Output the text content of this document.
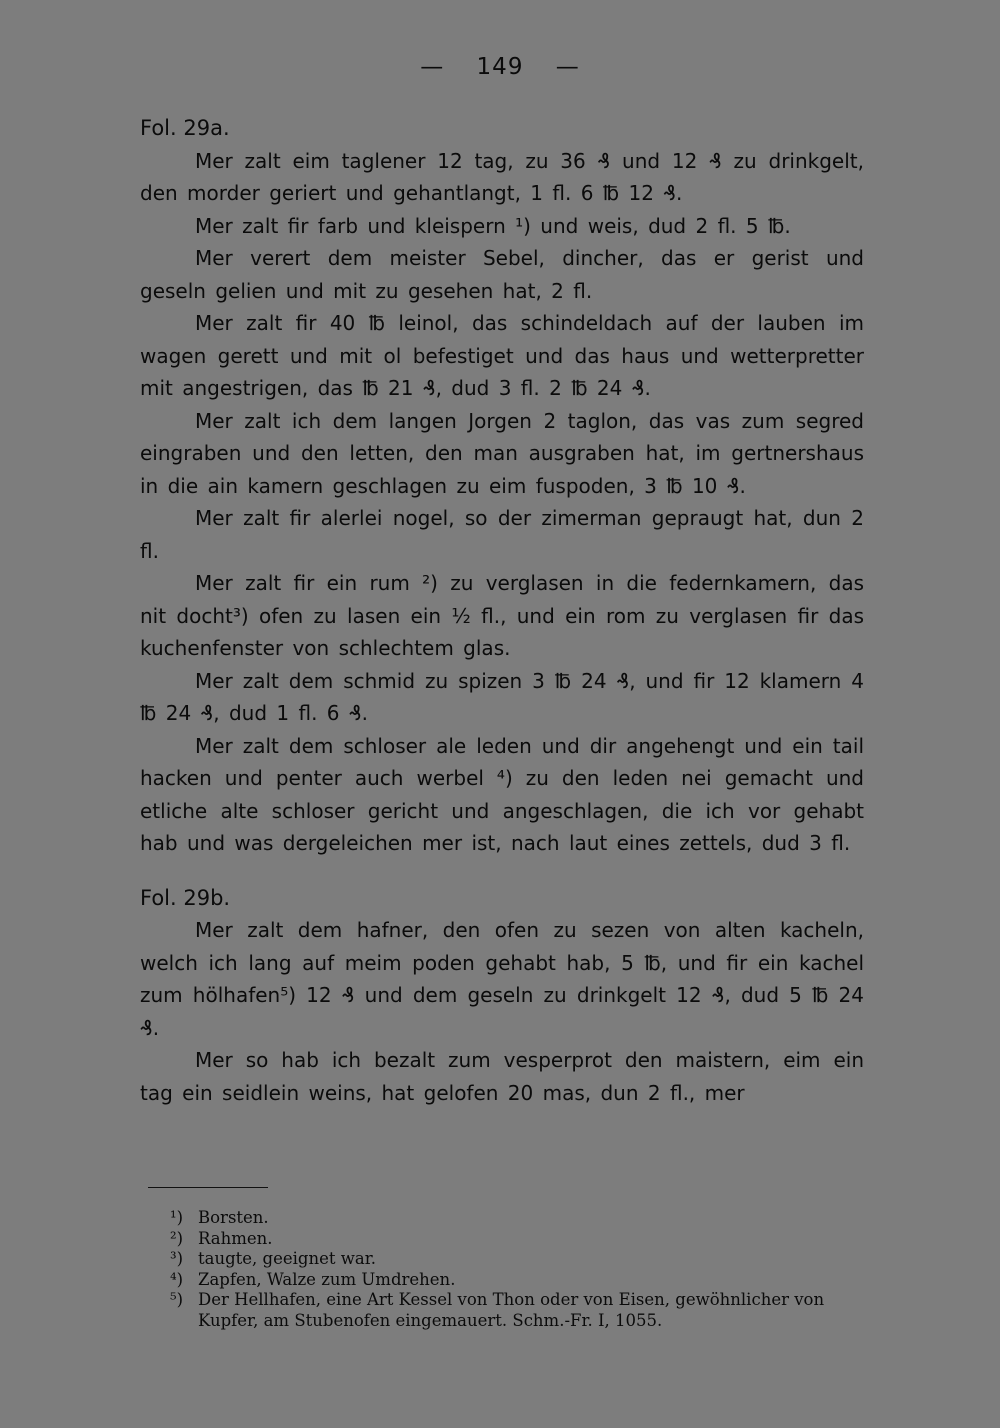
— 149 —

Fol. 29a.

Mer zalt eim taglener 12 tag, zu 36 ₰ und 12 ₰ zu drinkgelt, den morder geriert und gehantlangt, 1 fl. 6 ℔ 12 ₰.

Mer zalt fir farb und kleispern ¹) und weis, dud 2 fl. 5 ℔.

Mer verert dem meister Sebel, dincher, das er gerist und geseln gelien und mit zu gesehen hat, 2 fl.

Mer zalt fir 40 ℔ leinol, das schindeldach auf der lauben im wagen gerett und mit ol befestiget und das haus und wetterpretter mit angestrigen, das ℔ 21 ₰, dud 3 fl. 2 ℔ 24 ₰.

Mer zalt ich dem langen Jorgen 2 taglon, das vas zum segred eingraben und den letten, den man ausgraben hat, im gertnershaus in die ain kamern geschlagen zu eim fuspoden, 3 ℔ 10 ₰.

Mer zalt fir alerlei nogel, so der zimerman gepraugt hat, dun 2 fl.

Mer zalt fir ein rum ²) zu verglasen in die federnkamern, das nit docht³) ofen zu lasen ein ½ fl., und ein rom zu verglasen fir das kuchenfenster von schlechtem glas.

Mer zalt dem schmid zu spizen 3 ℔ 24 ₰, und fir 12 klamern 4 ℔ 24 ₰, dud 1 fl. 6 ₰.

Mer zalt dem schloser ale leden und dir angehengt und ein tail hacken und penter auch werbel ⁴) zu den leden nei gemacht und etliche alte schloser gericht und angeschlagen, die ich vor gehabt hab und was dergeleichen mer ist, nach laut eines zettels, dud 3 fl.

Fol. 29b.

Mer zalt dem hafner, den ofen zu sezen von alten kacheln, welch ich lang auf meim poden gehabt hab, 5 ℔, und fir ein kachel zum hölhafen⁵) 12 ₰ und dem geseln zu drinkgelt 12 ₰, dud 5 ℔ 24 ₰.

Mer so hab ich bezalt zum vesperprot den maistern, eim ein tag ein seidlein weins, hat gelofen 20 mas, dun 2 fl., mer

¹) Borsten.

²) Rahmen.

³) taugte, geeignet war.

⁴) Zapfen, Walze zum Umdrehen.

⁵) Der Hellhafen, eine Art Kessel von Thon oder von Eisen, gewöhnlicher von Kupfer, am Stubenofen eingemauert. Schm.-Fr. I, 1055.
